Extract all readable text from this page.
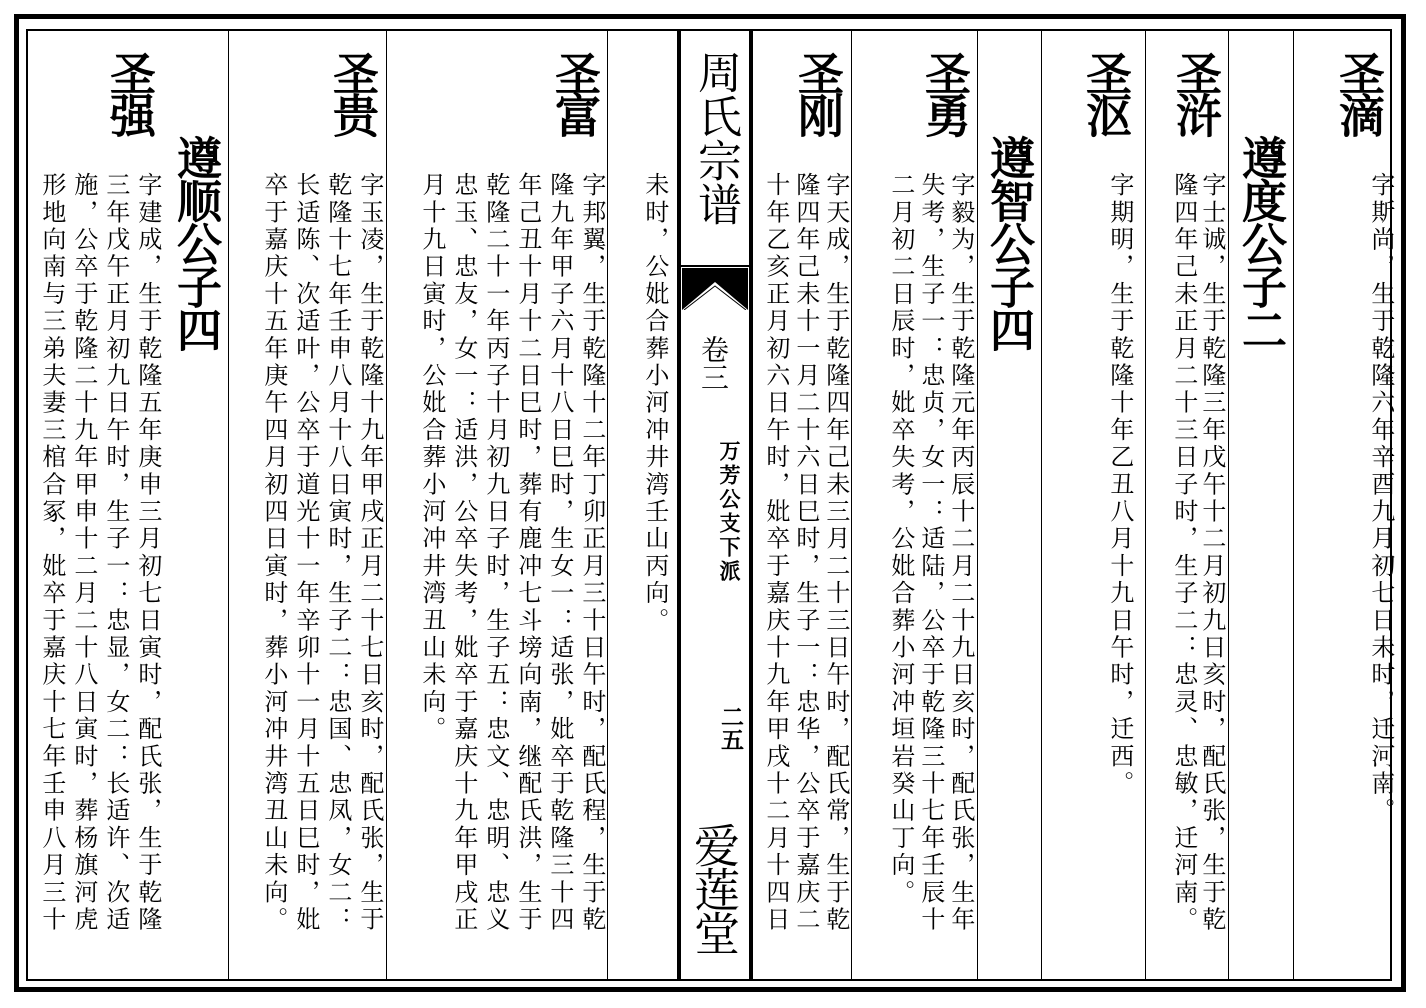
周氏宗谱
卷三
万芳公支下派
二五
爱莲堂
圣滴
字斯尚，生于乾隆六年辛酉九月初七日未时，迁河南。
遵度公子二
圣浒
字士诚，生于乾隆三年戊午十二月初九日亥时，配氏张，生于乾
隆四年己未正月二十三日子时，生子二：忠灵、忠敏，迁河南。
圣沤
字期明，生于乾隆十年乙丑八月十九日午时，迁西。
遵智公子四
圣勇
字毅为，生于乾隆元年丙辰十二月二十九日亥时，配氏张，生年
失考，生子一：忠贞，女一：适陆，公卒于乾隆三十七年壬辰十
二月初二日辰时，妣卒失考，公妣合葬小河冲垣岩癸山丁向。
圣刚
字天成，生于乾隆四年己未三月二十三日午时，配氏常，生于乾
隆四年己未十一月二十六日巳时，生子一：忠华，公卒于嘉庆二
十年乙亥正月初六日午时，妣卒于嘉庆十九年甲戌十二月十四日
未时，公妣合葬小河冲井湾壬山丙向。
圣富
字邦翼，生于乾隆十二年丁卯正月三十日午时，配氏程，生于乾
隆九年甲子六月十八日巳时，生女一：适张，妣卒于乾隆三十四
年己丑十月十二日巳时，葬有鹿冲七斗塝向南，继配氏洪，生于
乾隆二十一年丙子十月初九日子时，生子五：忠文、忠明、忠义
忠玉、忠友，女一：适洪，公卒失考，妣卒于嘉庆十九年甲戌正
月十九日寅时，公妣合葬小河冲井湾丑山未向。
圣贵
字玉凌，生于乾隆十九年甲戌正月二十七日亥时，配氏张，生于
乾隆十七年壬申八月十八日寅时，生子二：忠国、忠凤，女二：
长适陈、次适叶，公卒于道光十一年辛卯十一月十五日巳时，妣
卒于嘉庆十五年庚午四月初四日寅时，葬小河冲井湾丑山未向。
遵顺公子四
圣强
字建成，生于乾隆五年庚申三月初七日寅时，配氏张，生于乾隆
三年戊午正月初九日午时，生子一：忠显，女二：长适许、次适
施，公卒于乾隆二十九年甲申十二月二十八日寅时，葬杨旗河虎
形地向南与三弟夫妻三棺合冢，妣卒于嘉庆十七年壬申八月三十
